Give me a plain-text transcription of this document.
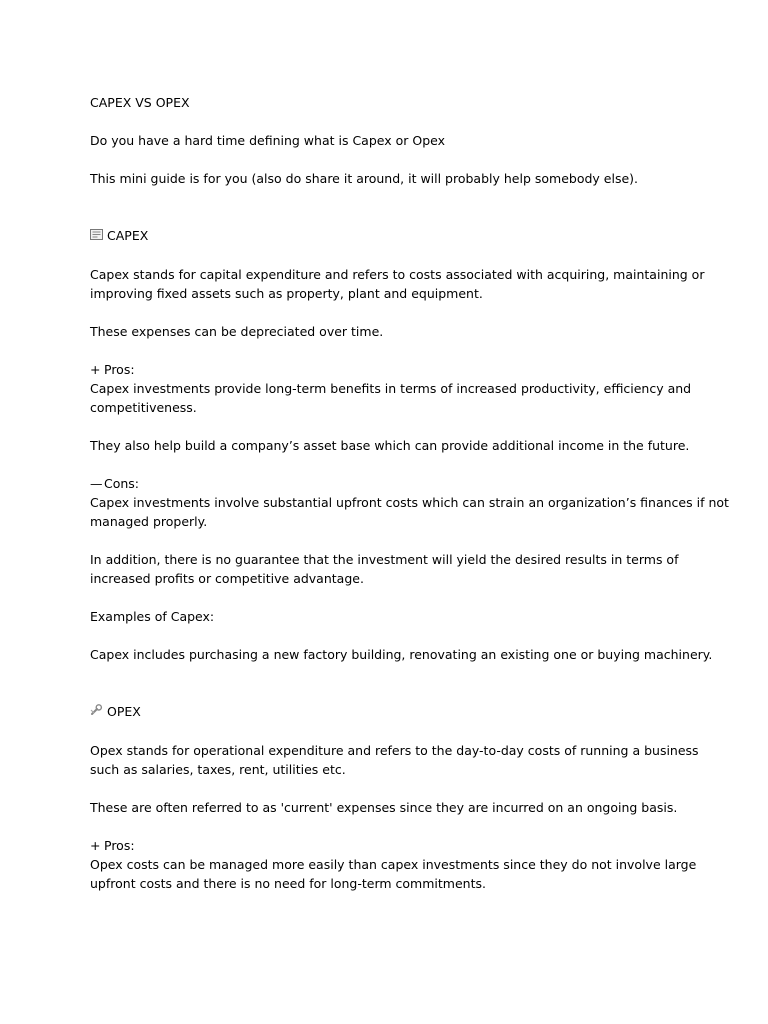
CAPEX VS OPEX

Do you have a hard time defining what is Capex or Opex

This mini guide is for you (also do share it around, it will probably help somebody else).

CAPEX

Capex stands for capital expenditure and refers to costs associated with acquiring, maintaining or

improving fixed assets such as property, plant and equipment.

These expenses can be depreciated over time.

+ Pros:

Capex investments provide long-term benefits in terms of increased productivity, efficiency and

competitiveness.

They also help build a company’s asset base which can provide additional income in the future.

— Cons:

Capex investments involve substantial upfront costs which can strain an organization’s finances if not

managed properly.

In addition, there is no guarantee that the investment will yield the desired results in terms of

increased profits or competitive advantage.

Examples of Capex:

Capex includes purchasing a new factory building, renovating an existing one or buying machinery.

OPEX

Opex stands for operational expenditure and refers to the day-to-day costs of running a business

such as salaries, taxes, rent, utilities etc.

These are often referred to as 'current' expenses since they are incurred on an ongoing basis.

+ Pros:

Opex costs can be managed more easily than capex investments since they do not involve large

upfront costs and there is no need for long-term commitments.
